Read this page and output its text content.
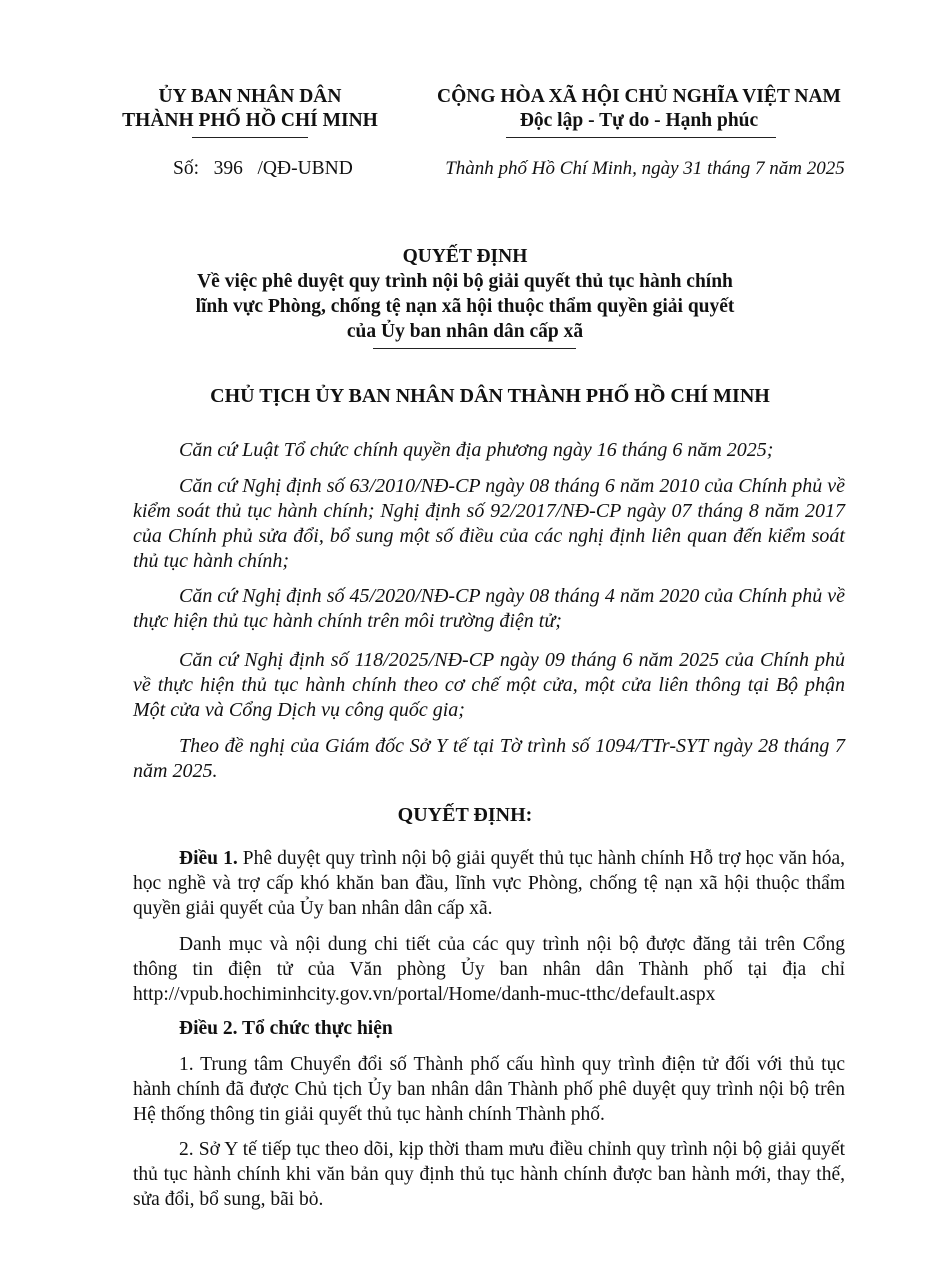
ỦY BAN NHÂN DÂN
THÀNH PHỐ HỒ CHÍ MINH
CỘNG HÒA XÃ HỘI CHỦ NGHĨA VIỆT NAM
Độc lập - Tự do - Hạnh phúc
Số:   396   /QĐ-UBND	Thành phố Hồ Chí Minh, ngày 31 tháng 7 năm 2025
QUYẾT ĐỊNH
Về việc phê duyệt quy trình nội bộ giải quyết thủ tục hành chính
lĩnh vực Phòng, chống tệ nạn xã hội thuộc thẩm quyền giải quyết
của Ủy ban nhân dân cấp xã
CHỦ TỊCH ỦY BAN NHÂN DÂN THÀNH PHỐ HỒ CHÍ MINH
Căn cứ Luật Tổ chức chính quyền địa phương ngày 16 tháng 6 năm 2025;
Căn cứ Nghị định số 63/2010/NĐ-CP ngày 08 tháng 6 năm 2010 của Chính phủ về kiểm soát thủ tục hành chính; Nghị định số 92/2017/NĐ-CP ngày 07 tháng 8 năm 2017 của Chính phủ sửa đổi, bổ sung một số điều của các nghị định liên quan đến kiểm soát thủ tục hành chính;
Căn cứ Nghị định số 45/2020/NĐ-CP ngày 08 tháng 4 năm 2020 của Chính phủ về thực hiện thủ tục hành chính trên môi trường điện tử;
Căn cứ Nghị định số 118/2025/NĐ-CP ngày 09 tháng 6 năm 2025 của Chính phủ về thực hiện thủ tục hành chính theo cơ chế một cửa, một cửa liên thông tại Bộ phận Một cửa và Cổng Dịch vụ công quốc gia;
Theo đề nghị của Giám đốc Sở Y tế tại Tờ trình số 1094/TTr-SYT ngày 28 tháng 7 năm 2025.
QUYẾT ĐỊNH:
Điều 1. Phê duyệt quy trình nội bộ giải quyết thủ tục hành chính Hỗ trợ học văn hóa, học nghề và trợ cấp khó khăn ban đầu, lĩnh vực Phòng, chống tệ nạn xã hội thuộc thẩm quyền giải quyết của Ủy ban nhân dân cấp xã.
Danh mục và nội dung chi tiết của các quy trình nội bộ được đăng tải trên Cổng thông tin điện tử của Văn phòng Ủy ban nhân dân Thành phố tại địa chỉ http://vpub.hochiminhcity.gov.vn/portal/Home/danh-muc-tthc/default.aspx
Điều 2. Tổ chức thực hiện
1. Trung tâm Chuyển đổi số Thành phố cấu hình quy trình điện tử đối với thủ tục hành chính đã được Chủ tịch Ủy ban nhân dân Thành phố phê duyệt quy trình nội bộ trên Hệ thống thông tin giải quyết thủ tục hành chính Thành phố.
2. Sở Y tế tiếp tục theo dõi, kịp thời tham mưu điều chỉnh quy trình nội bộ giải quyết thủ tục hành chính khi văn bản quy định thủ tục hành chính được ban hành mới, thay thế, sửa đổi, bổ sung, bãi bỏ.
